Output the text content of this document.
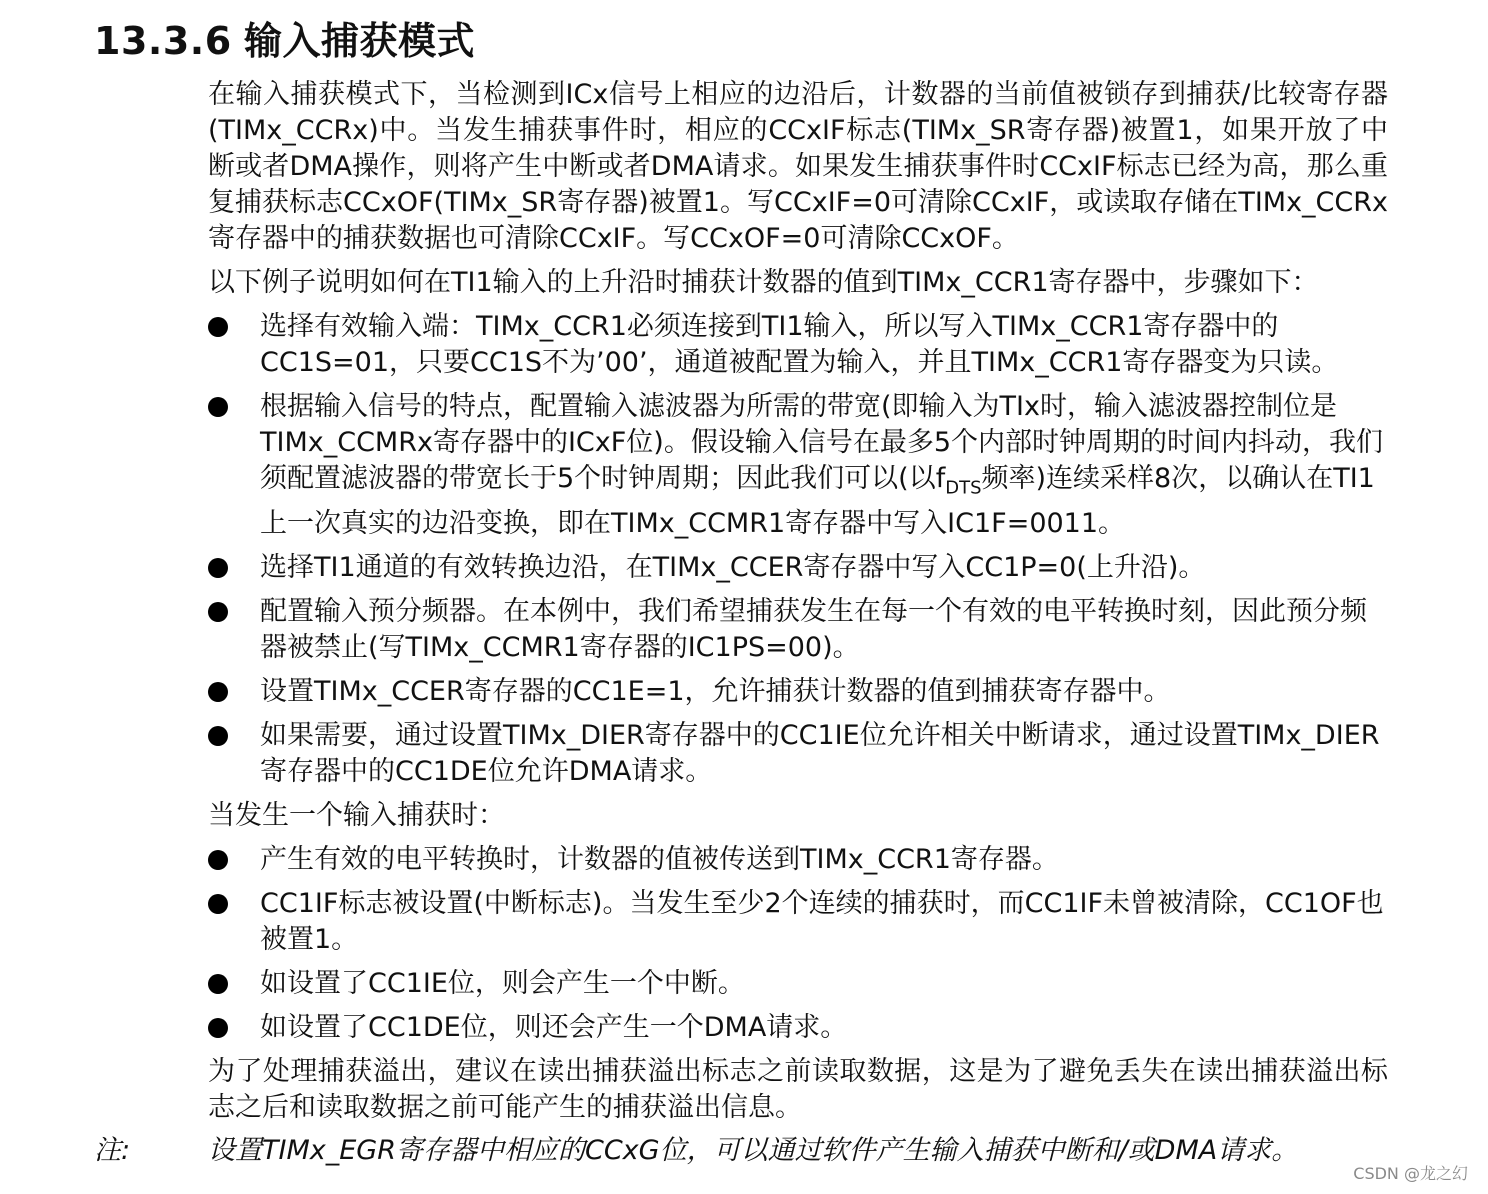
13.3.6 输入捕获模式

在输入捕获模式下，当检测到ICx信号上相应的边沿后，计数器的当前值被锁存到捕获/比较寄存器(TIMx_CCRx)中。当发生捕获事件时，相应的CCxIF标志(TIMx_SR寄存器)被置1，如果开放了中断或者DMA操作，则将产生中断或者DMA请求。如果发生捕获事件时CCxIF标志已经为高，那么重复捕获标志CCxOF(TIMx_SR寄存器)被置1。写CCxIF=0可清除CCxIF，或读取存储在TIMx_CCRx寄存器中的捕获数据也可清除CCxIF。写CCxOF=0可清除CCxOF。

以下例子说明如何在TI1输入的上升沿时捕获计数器的值到TIMx_CCR1寄存器中，步骤如下：

选择有效输入端：TIMx_CCR1必须连接到TI1输入，所以写入TIMx_CCR1寄存器中的CC1S=01，只要CC1S不为’00’，通道被配置为输入，并且TIMx_CCR1寄存器变为只读。
根据输入信号的特点，配置输入滤波器为所需的带宽(即输入为TIx时，输入滤波器控制位是TIMx_CCMRx寄存器中的ICxF位)。假设输入信号在最多5个内部时钟周期的时间内抖动，我们须配置滤波器的带宽长于5个时钟周期；因此我们可以(以$f_{DTS}$频率)连续采样8次，以确认在TI1上一次真实的边沿变换，即在TIMx_CCMR1寄存器中写入IC1F=0011。
选择TI1通道的有效转换边沿，在TIMx_CCER寄存器中写入CC1P=0(上升沿)。
配置输入预分频器。在本例中，我们希望捕获发生在每一个有效的电平转换时刻，因此预分频器被禁止(写TIMx_CCMR1寄存器的IC1PS=00)。
设置TIMx_CCER寄存器的CC1E=1，允许捕获计数器的值到捕获寄存器中。
如果需要，通过设置TIMx_DIER寄存器中的CC1IE位允许相关中断请求，通过设置TIMx_DIER寄存器中的CC1DE位允许DMA请求。

当发生一个输入捕获时：

产生有效的电平转换时，计数器的值被传送到TIMx_CCR1寄存器。
CC1IF标志被设置(中断标志)。当发生至少2个连续的捕获时，而CC1IF未曾被清除，CC1OF也被置1。
如设置了CC1IE位，则会产生一个中断。
如设置了CC1DE位，则还会产生一个DMA请求。

为了处理捕获溢出，建议在读出捕获溢出标志之前读取数据，这是为了避免丢失在读出捕获溢出标志之后和读取数据之前可能产生的捕获溢出信息。

注:	设置TIMx_EGR寄存器中相应的CCxG位，可以通过软件产生输入捕获中断和/或DMA请求。
CSDN @龙之幻
